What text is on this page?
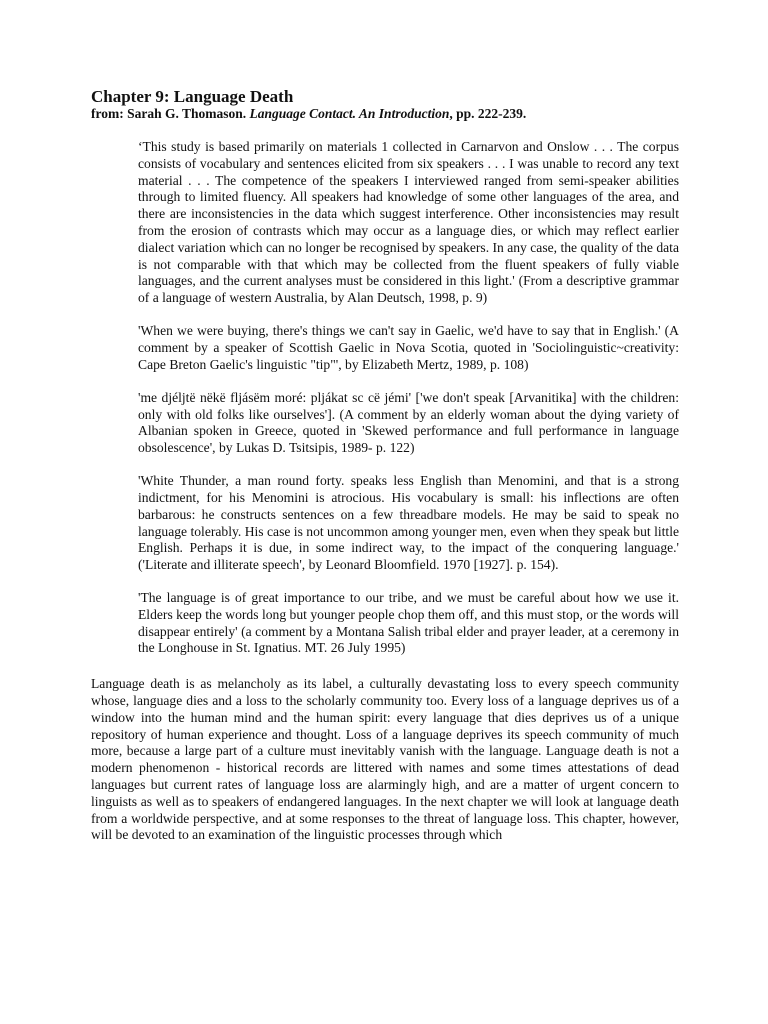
Chapter 9: Language Death

from: Sarah G. Thomason. Language Contact. An Introduction, pp. 222-239.

‘This study is based primarily on materials 1 collected in Carnarvon and Onslow . . . The corpus consists of vocabulary and sentences elicited from six speakers . . . I was unable to record any text material . . . The competence of the speakers I interviewed ranged from semi-speaker abilities through to limited fluency. All speakers had knowledge of some other languages of the area, and there are inconsistencies in the data which suggest interference. Other inconsistencies may result from the erosion of contrasts which may occur as a language dies, or which may reflect earlier dialect variation which can no longer be recognised by speakers. In any case, the quality of the data is not comparable with that which may be collected from the fluent speakers of fully viable languages, and the current analyses must be considered in this light.' (From a descriptive grammar of a language of western Australia, by Alan Deutsch, 1998, p. 9)

'When we were buying, there's things we can't say in Gaelic, we'd have to say that in English.' (A comment by a speaker of Scottish Gaelic in Nova Scotia, quoted in 'Sociolinguistic~creativity: Cape Breton Gaelic's linguistic "tip"', by Elizabeth Mertz, 1989, p. 108)

'me djéljtë nëkë fljásëm moré: pljákat sc cë jémi' ['we don't speak [Arvanitika] with the children: only with old folks like ourselves']. (A comment by an elderly woman about the dying variety of Albanian spoken in Greece, quoted in 'Skewed performance and full performance in language obsolescence', by Lukas D. Tsitsipis, 1989- p. 122)

'White Thunder, a man round forty. speaks less English than Menomini, and that is a strong indictment, for his Menomini is atrocious. His vocabulary is small: his inflections are often barbarous: he constructs sentences on a few threadbare models. He may be said to speak no language tolerably. His case is not uncommon among younger men, even when they speak but little English. Perhaps it is due, in some indirect way, to the impact of the conquering language.' ('Literate and illiterate speech', by Leonard Bloomfield. 1970 [1927]. p. 154).

'The language is of great importance to our tribe, and we must be careful about how we use it. Elders keep the words long but younger people chop them off, and this must stop, or the words will disappear entirely' (a comment by a Montana Salish tribal elder and prayer leader, at a ceremony in the Longhouse in St. Ignatius. MT. 26 July 1995)

Language death is as melancholy as its label, a culturally devastating loss to every speech community whose, language dies and a loss to the scholarly community too. Every loss of a language deprives us of a window into the human mind and the human spirit: every language that dies deprives us of a unique repository of human experience and thought. Loss of a language deprives its speech community of much more, because a large part of a culture must inevitably vanish with the language. Language death is not a modern phenomenon - historical records are littered with names and some times attestations of dead languages but current rates of language loss are alarmingly high, and are a matter of urgent concern to linguists as well as to speakers of endangered languages. In the next chapter we will look at language death from a worldwide perspective, and at some responses to the threat of language loss. This chapter, however, will be devoted to an examination of the linguistic processes through which
